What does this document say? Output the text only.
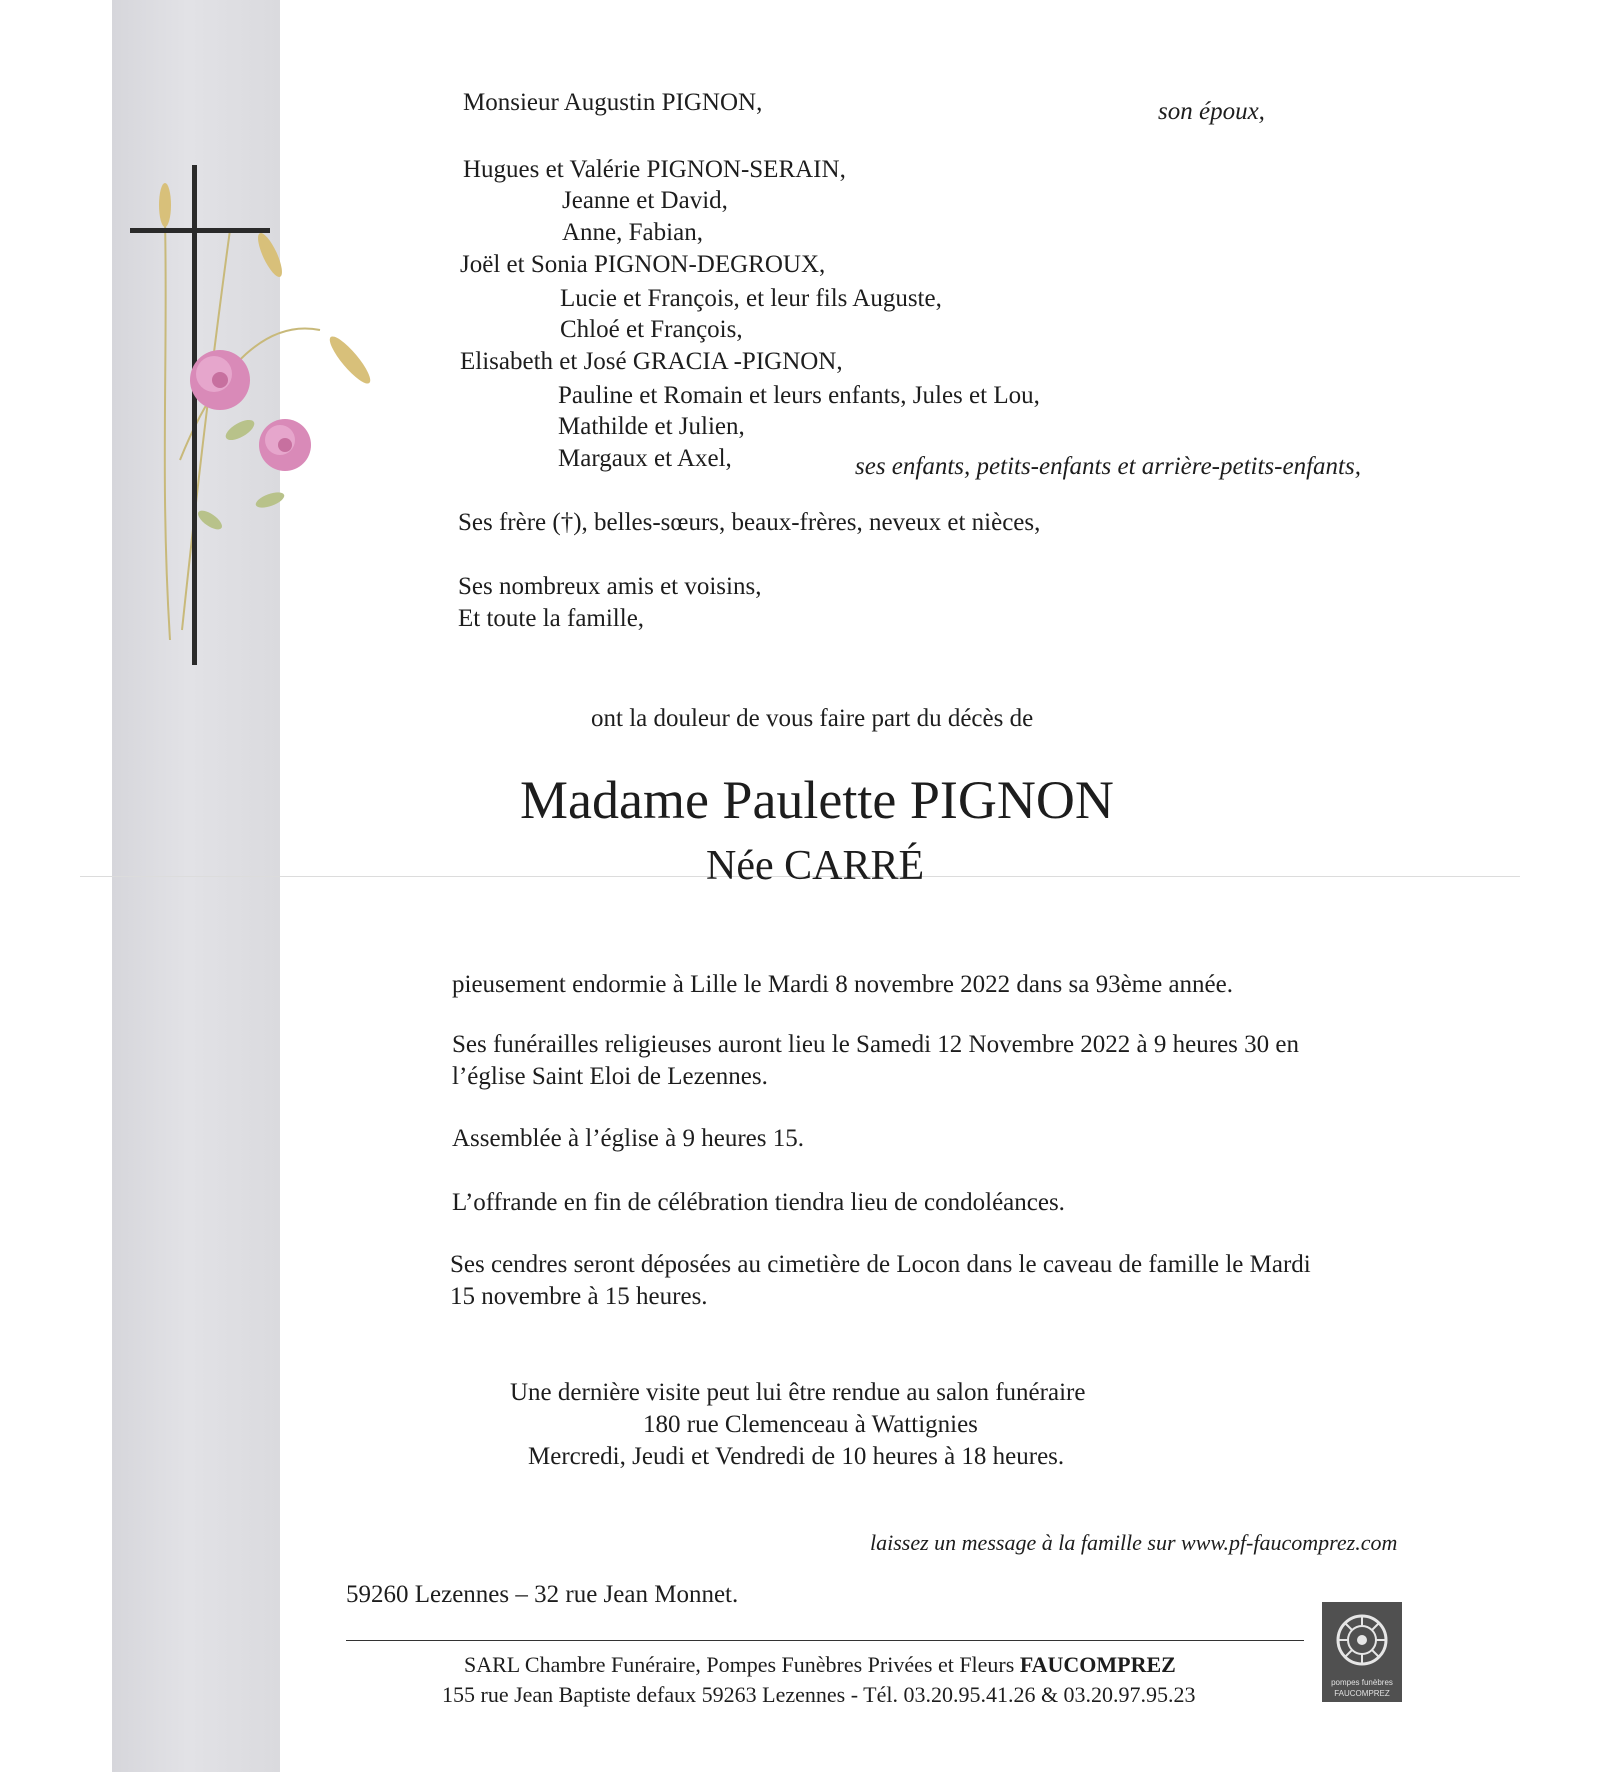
Monsieur Augustin PIGNON,	son époux,
Hugues et Valérie PIGNON-SERAIN,
Jeanne et David,
Anne, Fabian,
Joël et Sonia PIGNON-DEGROUX,
Lucie et François, et leur fils Auguste,
Chloé et François,
Elisabeth et José GRACIA -PIGNON,
Pauline et Romain et leurs enfants, Jules et Lou,
Mathilde et Julien,
Margaux et Axel,	ses enfants, petits-enfants et arrière-petits-enfants,
Ses frère (†), belles-sœurs, beaux-frères, neveux et nièces,
Ses nombreux amis et voisins,
Et toute la famille,
ont la douleur de vous faire part du décès de
Madame Paulette PIGNON
Née CARRÉ
pieusement endormie à Lille le Mardi 8 novembre 2022 dans sa 93ème année.
Ses funérailles religieuses auront lieu le Samedi 12 Novembre 2022 à 9 heures 30 en
l’église Saint Eloi de Lezennes.
Assemblée à l’église à 9 heures 15.
L’offrande en fin de célébration tiendra lieu de condoléances.
Ses cendres seront déposées au cimetière de Locon dans le caveau de famille le Mardi
15 novembre à 15 heures.
Une dernière visite peut lui être rendue au salon funéraire
180 rue Clemenceau à Wattignies
Mercredi, Jeudi et Vendredi de 10 heures à 18 heures.
laissez un message à la famille sur www.pf-faucomprez.com
59260 Lezennes – 32 rue Jean Monnet.
SARL Chambre Funéraire, Pompes Funèbres Privées et Fleurs FAUCOMPREZ
155 rue Jean Baptiste defaux 59263 Lezennes - Tél. 03.20.95.41.26 & 03.20.97.95.23	pompes funèbres
FAUCOMPREZ
